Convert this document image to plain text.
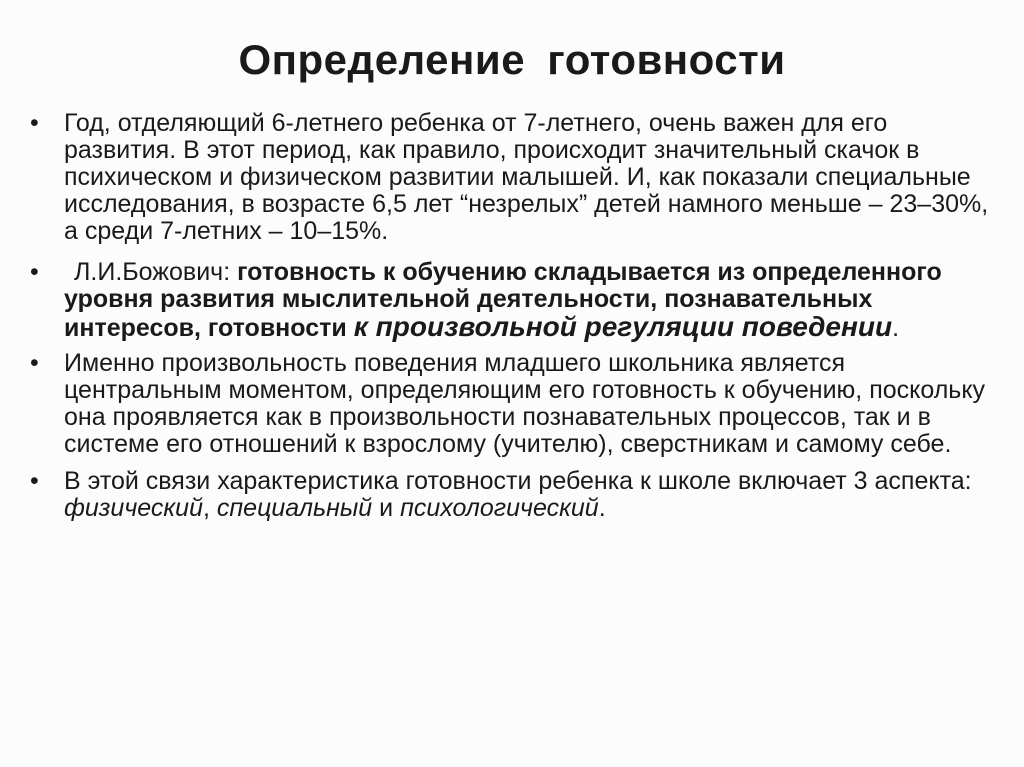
Определение готовности
• Год, отделяющий 6-летнего ребенка от 7-летнего, очень важен для его развития. В этот период, как правило, происходит значительный скачок в психическом и физическом развитии малышей. И, как показали специальные исследования, в возрасте 6,5 лет “незрелых” детей намного меньше – 23–30%, а среди 7-летних – 10–15%.
• Л.И.Божович: готовность к обучению складывается из определенного уровня развития мыслительной деятельности, познавательных интересов, готовности к произвольной регуляции поведении.
• Именно произвольность поведения младшего школьника является центральным моментом, определяющим его готовность к обучению, поскольку она проявляется как в произвольности познавательных процессов, так и в системе его отношений к взрослому (учителю), сверстникам и самому себе.
• В этой связи характеристика готовности ребенка к школе включает 3 аспекта: физический, специальный и психологический.
